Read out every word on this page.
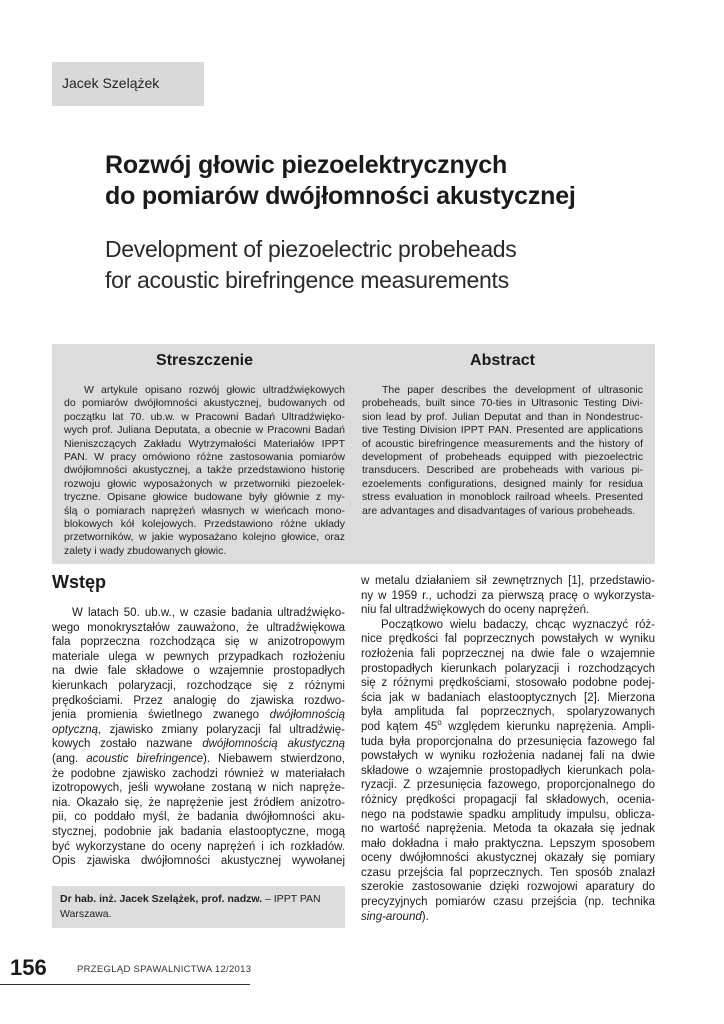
Jacek Szelążek
Rozwój głowic piezoelektrycznych
do pomiarów dwójłomności akustycznej
Development of piezoelectric probeheads
for acoustic birefringence measurements
Streszczenie
W artykule opisano rozwój głowic ultradźwiękowych
do pomiarów dwójłomności akustycznej, budowanych od
początku lat 70. ub.w. w Pracowni Badań Ultradźwięko-
wych prof. Juliana Deputata, a obecnie w Pracowni Badań
Nieniszczących Zakładu Wytrzymałości Materiałów IPPT
PAN. W pracy omówiono różne zastosowania pomiarów
dwójłomności akustycznej, a także przedstawiono historię
rozwoju głowic wyposażonych w przetworniki piezoelek-
tryczne. Opisane głowice budowane były głównie z my-
ślą o pomiarach naprężeń własnych w wieńcach mono-
blokowych kół kolejowych. Przedstawiono różne układy
przetworników, w jakie wyposażano kolejno głowice, oraz
zalety i wady zbudowanych głowic.
Abstract
The paper describes the development of ultrasonic
probeheads, built since 70-ties in Ultrasonic Testing Divi-
sion lead by prof. Julian Deputat and than in Nondestruc-
tive Testing Division IPPT PAN. Presented are applications
of acoustic birefringence measurements and the history of
development of probeheads equipped with piezoelectric
transducers. Described are probeheads with various pi-
ezoelements configurations, designed mainly for residua
stress evaluation in monoblock railroad wheels. Presented
are advantages and disadvantages of various probeheads.
Wstęp
W latach 50. ub.w., w czasie badania ultradźwięko-
wego monokryształów zauważono, że ultradźwiękowa
fala poprzeczna rozchodząca się w anizotropowym
materiale ulega w pewnych przypadkach rozłożeniu
na dwie fale składowe o wzajemnie prostopadłych
kierunkach polaryzacji, rozchodzące się z różnymi
prędkościami. Przez analogię do zjawiska rozdwo-
jenia promienia świetlnego zwanego dwójłomnością
optyczną, zjawisko zmiany polaryzacji fal ultradźwię-
kowych zostało nazwane dwójłomnością akustyczną
(ang. acoustic birefringence). Niebawem stwierdzono,
że podobne zjawisko zachodzi również w materiałach
izotropowych, jeśli wywołane zostaną w nich napręże-
nia. Okazało się, że naprężenie jest źródłem anizotro-
pii, co poddało myśl, że badania dwójłomności aku-
stycznej, podobnie jak badania elastooptyczne, mogą
być wykorzystane do oceny naprężeń i ich rozkładów.
Opis zjawiska dwójłomności akustycznej wywołanej
Dr hab. inż. Jacek Szelążek, prof. nadzw. – IPPT PAN
Warszawa.
w metalu działaniem sił zewnętrznych [1], przedstawio-
ny w 1959 r., uchodzi za pierwszą pracę o wykorzysta-
niu fal ultradźwiękowych do oceny naprężeń.
Początkowo wielu badaczy, chcąc wyznaczyć róż-
nice prędkości fal poprzecznych powstałych w wyniku
rozłożenia fali poprzecznej na dwie fale o wzajemnie
prostopadłych kierunkach polaryzacji i rozchodzących
się z różnymi prędkościami, stosowało podobne podej-
ścia jak w badaniach elastooptycznych [2]. Mierzona
była amplituda fal poprzecznych, spolaryzowanych
pod kątem 45$^o$ względem kierunku naprężenia. Ampli-
tuda była proporcjonalna do przesunięcia fazowego fal
powstałych w wyniku rozłożenia nadanej fali na dwie
składowe o wzajemnie prostopadłych kierunkach pola-
ryzacji. Z przesunięcia fazowego, proporcjonalnego do
różnicy prędkości propagacji fal składowych, ocenia-
nego na podstawie spadku amplitudy impulsu, oblicza-
no wartość naprężenia. Metoda ta okazała się jednak
mało dokładna i mało praktyczna. Lepszym sposobem
oceny dwójłomności akustycznej okazały się pomiary
czasu przejścia fal poprzecznych. Ten sposób znalazł
szerokie zastosowanie dzięki rozwojowi aparatury do
precyzyjnych pomiarów czasu przejścia (np. technika
sing-around).
156	PRZEGLĄD SPAWALNICTWA 12/2013
